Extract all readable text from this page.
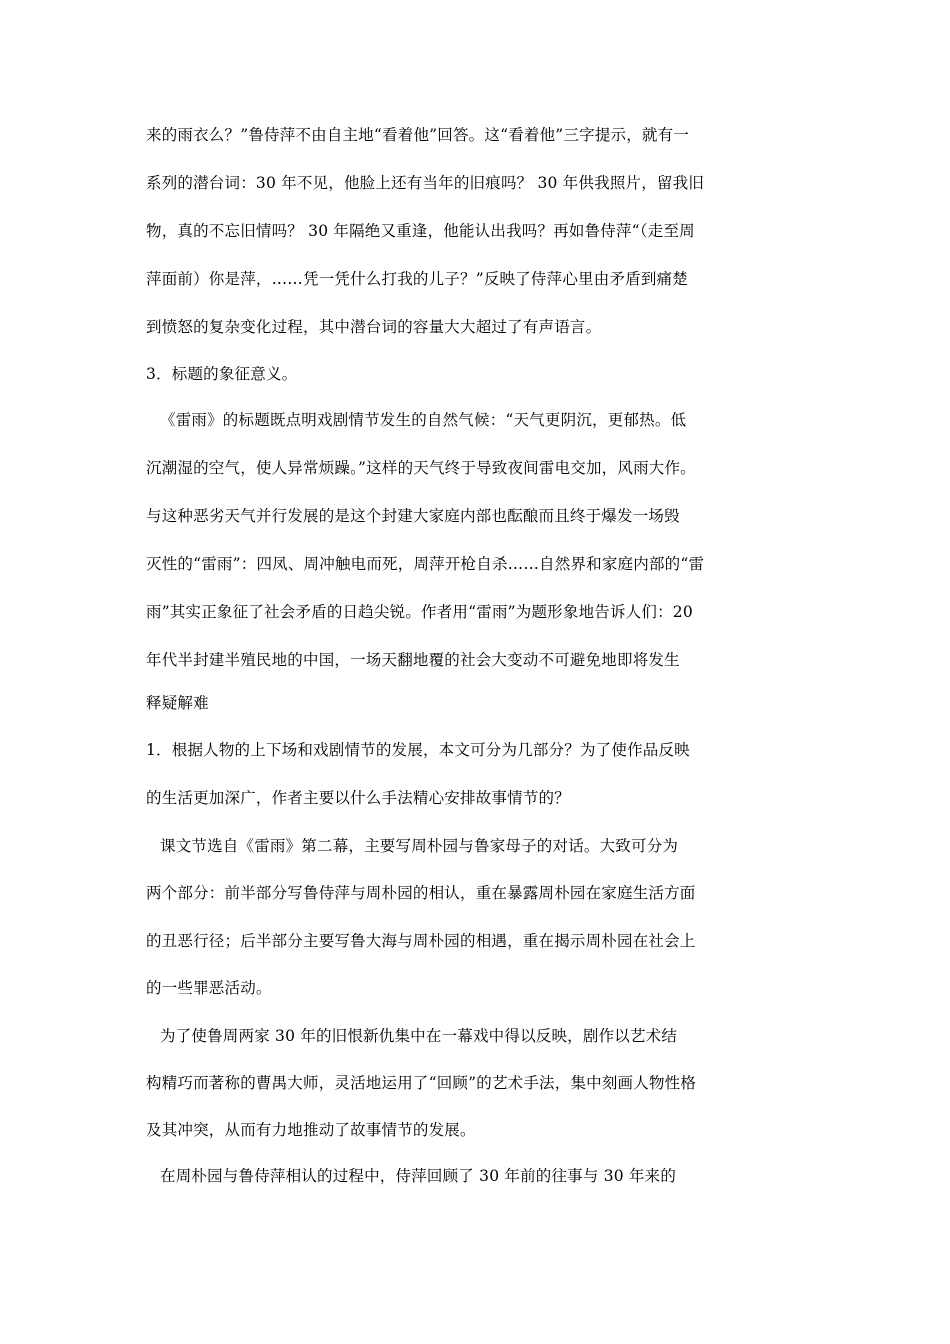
来的雨衣么？”鲁侍萍不由自主地“看着他”回答。这“看着他”三字提示，就有一
系列的潜台词：30 年不见，他脸上还有当年的旧痕吗？ 30 年供我照片，留我旧
物，真的不忘旧情吗？ 30 年隔绝又重逢，他能认出我吗？再如鲁侍萍“（走至周
萍面前）你是萍，……凭一凭什么打我的儿子？”反映了侍萍心里由矛盾到痛楚
到愤怒的复杂变化过程，其中潜台词的容量大大超过了有声语言。
3．标题的象征意义。
《雷雨》的标题既点明戏剧情节发生的自然气候：“天气更阴沉，更郁热。低
沉潮湿的空气，使人异常烦躁。”这样的天气终于导致夜间雷电交加，风雨大作。
与这种恶劣天气并行发展的是这个封建大家庭内部也酝酿而且终于爆发一场毁
灭性的“雷雨”：四凤、周冲触电而死，周萍开枪自杀……自然界和家庭内部的“雷
雨”其实正象征了社会矛盾的日趋尖锐。作者用“雷雨”为题形象地告诉人们：20
年代半封建半殖民地的中国，一场天翻地覆的社会大变动不可避免地即将发生
释疑解难
1．根据人物的上下场和戏剧情节的发展，本文可分为几部分？为了使作品反映
的生活更加深广，作者主要以什么手法精心安排故事情节的？
课文节选自《雷雨》第二幕，主要写周朴园与鲁家母子的对话。大致可分为
两个部分：前半部分写鲁侍萍与周朴园的相认，重在暴露周朴园在家庭生活方面
的丑恶行径；后半部分主要写鲁大海与周朴园的相遇，重在揭示周朴园在社会上
的一些罪恶活动。
为了使鲁周两家 30 年的旧恨新仇集中在一幕戏中得以反映，剧作以艺术结
构精巧而著称的曹禺大师，灵活地运用了“回顾”的艺术手法，集中刻画人物性格
及其冲突，从而有力地推动了故事情节的发展。
在周朴园与鲁侍萍相认的过程中，侍萍回顾了 30 年前的往事与 30 年来的
